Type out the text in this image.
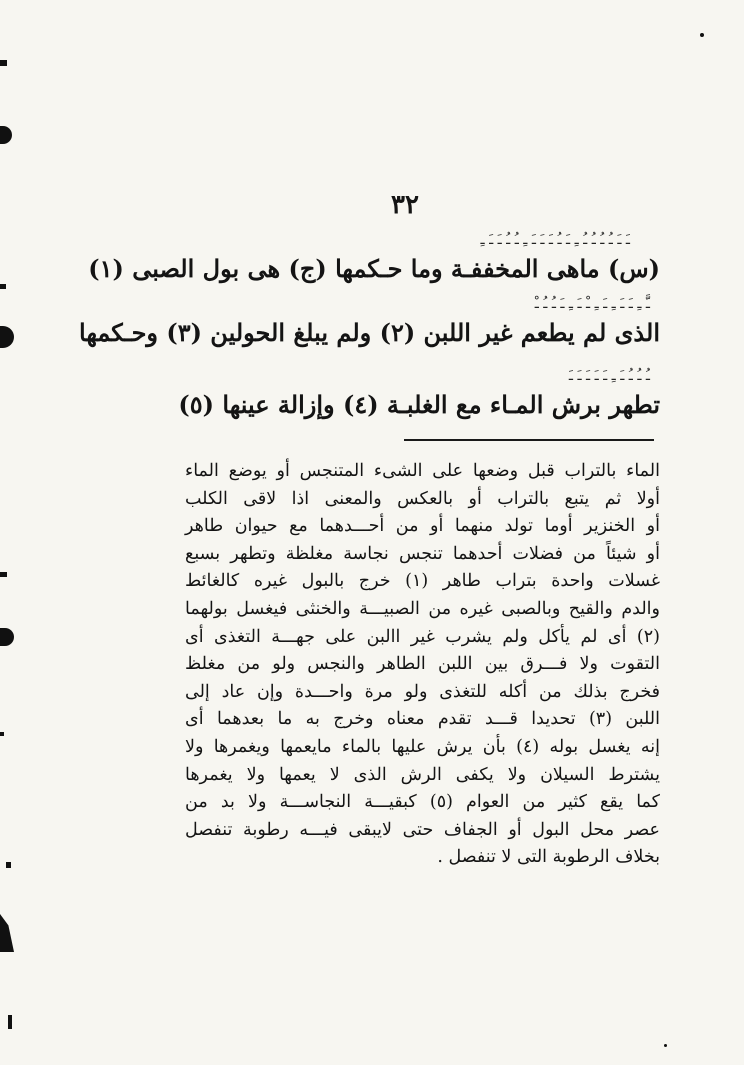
٣٢
ـَ ـَ ـُ ـُ ـُ ـُ ـِ ـَ ـُ ـَ ـَ ـَ ـِ ـُ ـُ ـَ ـَ ـِ
(س) ماهى المخففـة وما حـكمها (ج) هى بول الصبى (١)
ـَّ ـِ ـَ ـَ ـِ ـَ ـِ ـْ ـَ ـِ ـَ ـُ ـُ ـْ
الذى لم يطعم غير اللبن (٢) ولم يبلغ الحولين (٣) وحـكمها
ـُ ـُ ـُ ـَ ـِ ـَ ـَ ـَ ـَ ـَ
تطهر برش المـاء مع الغلبـة (٤) وإزالة عينها (٥)
الماء بالتراب قبل وضعها على الشىء المتنجس أو يوضع الماء
أولا ثم يتبع بالتراب أو بالعكس والمعنى اذا لاقى الكلب
أو الخنزير أوما تولد منهما أو من أحـــدهما مع حيوان طاهر
أو شيئاً من فضلات أحدهما تنجس نجاسة مغلظة وتطهر بسبع
غسلات واحدة بتراب طاهر (١) خرج بالبول غيره كالغائط
والدم والقيح وبالصبى غيره من الصبيـــة والخنثى فيغسل بولهما
(٢) أى لم يأكل ولم يشرب غير االبن على جهـــة التغذى أى
التقوت ولا فـــرق بين اللبن الطاهر والنجس ولو من مغلظ
فخرج بذلك من أكله للتغذى ولو مرة واحـــدة وإن عاد إلى
اللبن (٣) تحديدا قـــد تقدم معناه وخرج به ما بعدهما أى
إنه يغسل بوله (٤) بأن يرش عليها بالماء مايعمها ويغمرها ولا
يشترط السيلان ولا يكفى الرش الذى لا يعمها ولا يغمرها
كما يقع كثير من العوام (٥) كبقيـــة النجاســـة ولا بد من
عصر محل البول أو الجفاف حتى لايبقى فيـــه رطوبة تنفصل
بخلاف الرطوبة التى لا تنفصل .
